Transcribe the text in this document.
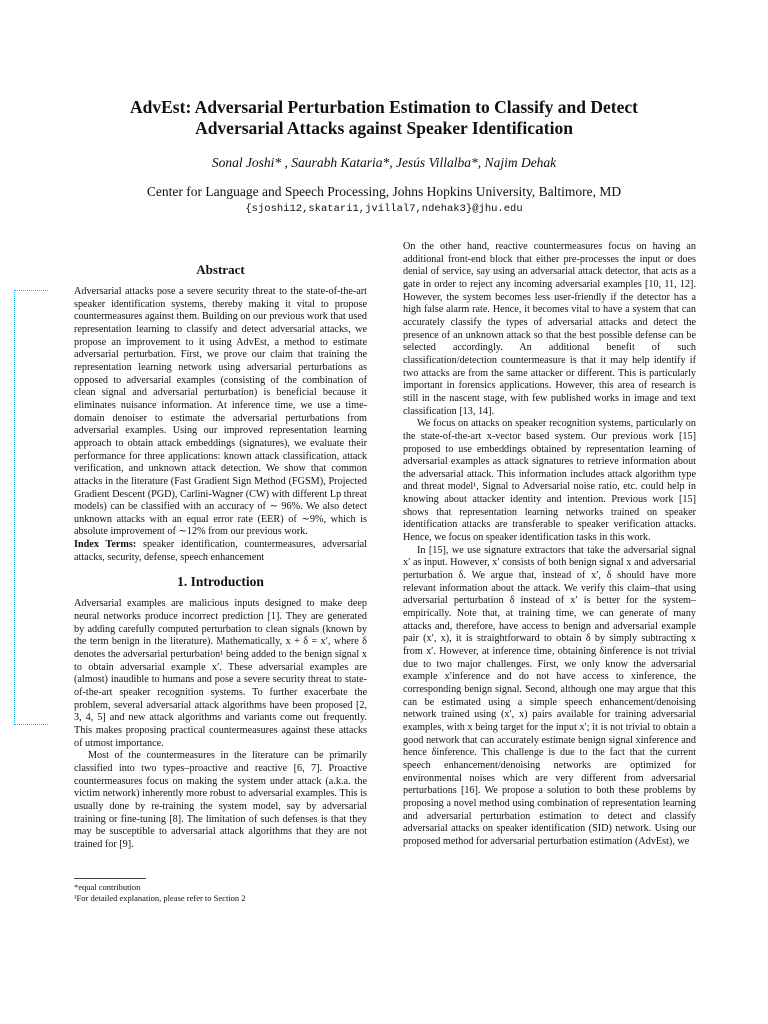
AdvEst: Adversarial Perturbation Estimation to Classify and Detect
Adversarial Attacks against Speaker Identification
Sonal Joshi* , Saurabh Kataria*, Jesús Villalba*, Najim Dehak
Center for Language and Speech Processing, Johns Hopkins University, Baltimore, MD
{sjoshi12,skatari1,jvillal7,ndehak3}@jhu.edu
Abstract

Adversarial attacks pose a severe security threat to the state-of-the-art speaker identification systems, thereby making it vital to propose countermeasures against them. Building on our previous work that used representation learning to classify and detect adversarial attacks, we propose an improvement to it using AdvEst, a method to estimate adversarial perturbation. First, we prove our claim that training the representation learning network using adversarial perturbations as opposed to adversarial examples (consisting of the combination of clean signal and adversarial perturbation) is beneficial because it eliminates nuisance information. At inference time, we use a time-domain denoiser to estimate the adversarial perturbations from adversarial examples. Using our improved representation learning approach to obtain attack embeddings (signatures), we evaluate their performance for three applications: known attack classification, attack verification, and unknown attack detection. We show that common attacks in the literature (Fast Gradient Sign Method (FGSM), Projected Gradient Descent (PGD), Carlini-Wagner (CW) with different Lp threat models) can be classified with an accuracy of ∼ 96%. We also detect unknown attacks with an equal error rate (EER) of ∼9%, which is absolute improvement of ∼12% from our previous work.

Index Terms: speaker identification, countermeasures, adversarial attacks, security, defense, speech enhancement

1. Introduction

Adversarial examples are malicious inputs designed to make deep neural networks produce incorrect prediction [1]. They are generated by adding carefully computed perturbation to clean signals (known by the term benign in the literature). Mathematically, x + δ = x′, where δ denotes the adversarial perturbation¹ being added to the benign signal x to obtain adversarial example x′. These adversarial examples are (almost) inaudible to humans and pose a severe security threat to state-of-the-art speaker recognition systems. To further exacerbate the problem, several adversarial attack algorithms have been proposed [2, 3, 4, 5] and new attack algorithms and variants come out frequently. This makes proposing practical countermeasures against these attacks of utmost importance.

Most of the countermeasures in the literature can be primarily classified into two types–proactive and reactive [6, 7]. Proactive countermeasures focus on making the system under attack (a.k.a. the victim network) inherently more robust to adversarial examples. This is usually done by re-training the system model, say by adversarial training or fine-tuning [8]. The limitation of such defenses is that they may be susceptible to adversarial attack algorithms that they are not trained for [9].

*equal contribution
¹For detailed explanation, please refer to Section 2

On the other hand, reactive countermeasures focus on having an additional front-end block that either pre-processes the input or does denial of service, say using an adversarial attack detector, that acts as a gate in order to reject any incoming adversarial examples [10, 11, 12]. However, the system becomes less user-friendly if the detector has a high false alarm rate. Hence, it becomes vital to have a system that can accurately classify the types of adversarial attacks and detect the presence of an unknown attack so that the best possible defense can be selected accordingly. An additional benefit of such classification/detection countermeasure is that it may help identify if two attacks are from the same attacker or different. This is particularly important in forensics applications. However, this area of research is still in the nascent stage, with few published works in image and text classification [13, 14].

We focus on attacks on speaker recognition systems, particularly on the state-of-the-art x-vector based system. Our previous work [15] proposed to use embeddings obtained by representation learning of adversarial examples as attack signatures to retrieve information about the adversarial attack. This information includes attack algorithm type and threat model¹, Signal to Adversarial noise ratio, etc. could help in knowing about attacker identity and intention. Previous work [15] shows that representation learning networks trained on speaker identification attacks are transferable to speaker verification attacks. Hence, we focus on speaker identification tasks in this work.

In [15], we use signature extractors that take the adversarial signal x′ as input. However, x′ consists of both benign signal x and adversarial perturbation δ. We argue that, instead of x′, δ should have more relevant information about the attack. We verify this claim–that using adversarial perturbation δ instead of x′ is better for the system–empirically. Note that, at training time, we can generate of many attacks and, therefore, have access to benign and adversarial example pair (x′, x), it is straightforward to obtain δ by simply subtracting x from x′. However, at inference time, obtaining δinference is not trivial due to two major challenges. First, we only know the adversarial example x′inference and do not have access to xinference, the corresponding benign signal. Second, although one may argue that this can be estimated using a simple speech enhancement/denoising network trained using (x′, x) pairs available for training adversarial examples, with x being target for the input x′; it is not trivial to obtain a good network that can accurately estimate benign signal xinference and hence δinference. This challenge is due to the fact that the current speech enhancement/denoising networks are optimized for environmental noises which are very different from adversarial perturbations [16]. We propose a solution to both these problems by proposing a novel method using combination of representation learning and adversarial perturbation estimation to detect and classify adversarial attacks on speaker identification (SID) network. Using our proposed method for adversarial perturbation estimation (AdvEst), we
